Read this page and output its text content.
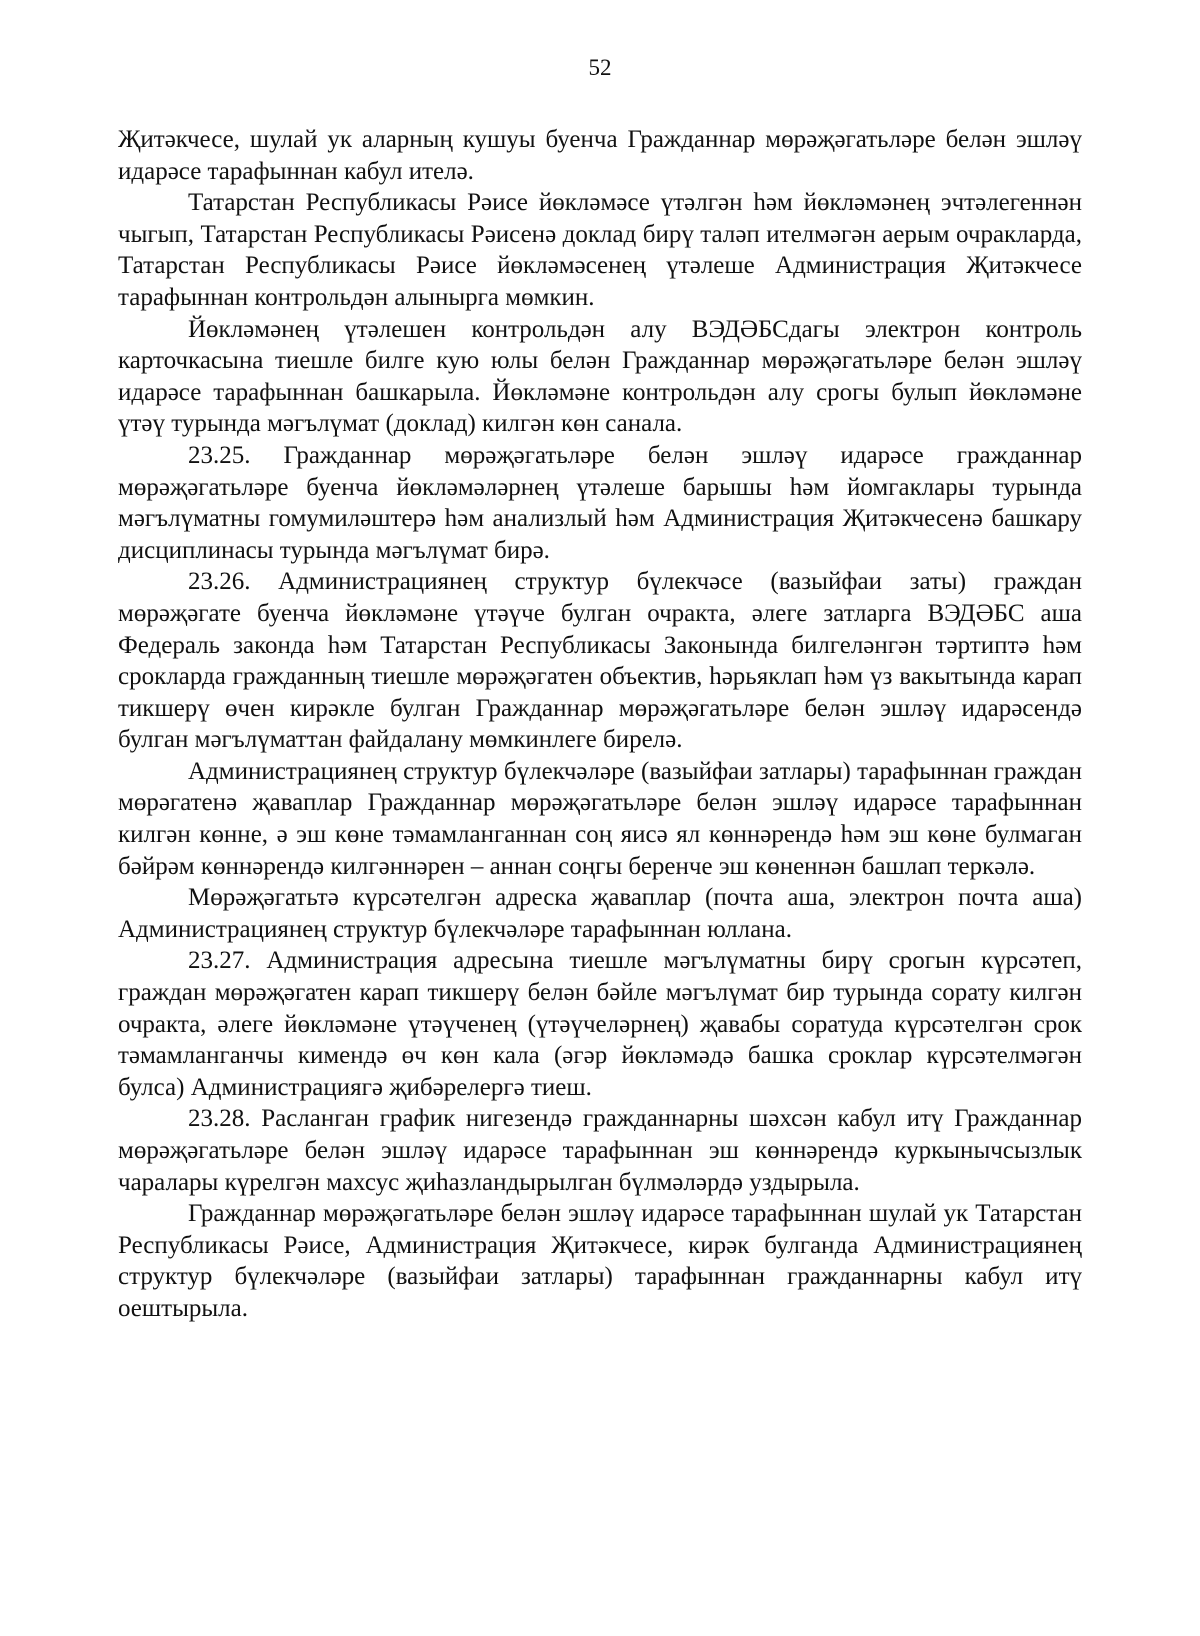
52

Җитәкчесе, шулай ук аларның кушуы буенча Гражданнар мөрәҗәгатьләре белән эшләү идарәсе тарафыннан кабул ителә.

Татарстан Республикасы Рәисе йөкләмәсе үтәлгән һәм йөкләмәнең эчтәлегеннән чыгып, Татарстан Республикасы Рәисенә доклад бирү таләп ителмәгән аерым очракларда, Татарстан Республикасы Рәисе йөкләмәсенең үтәлеше Администрация Җитәкчесе тарафыннан контрольдән алынырга мөмкин.

Йөкләмәнең үтәлешен контрольдән алу ВЭДӘБСдагы электрон контроль карточкасына тиешле билге кую юлы белән Гражданнар мөрәҗәгатьләре белән эшләү идарәсе тарафыннан башкарыла. Йөкләмәне контрольдән алу срогы булып йөкләмәне үтәү турында мәгълүмат (доклад) килгән көн санала.

23.25. Гражданнар мөрәҗәгатьләре белән эшләү идарәсе гражданнар мөрәҗәгатьләре буенча йөкләмәләрнең үтәлеше барышы һәм йомгаклары турында мәгълүматны гомумиләштерә һәм анализлый һәм Администрация Җитәкчесенә башкару дисциплинасы турында мәгълүмат бирә.

23.26. Администрациянең структур бүлекчәсе (вазыйфаи заты) граждан мөрәҗәгате буенча йөкләмәне үтәүче булган очракта, әлеге затларга ВЭДӘБС аша Федераль законда һәм Татарстан Республикасы Законында билгеләнгән тәртиптә һәм срокларда гражданның тиешле мөрәҗәгатен объектив, һәрьяклап һәм үз вакытында карап тикшерү өчен кирәкле булган Гражданнар мөрәҗәгатьләре белән эшләү идарәсендә булган мәгълүматтан файдалану мөмкинлеге бирелә.

Администрациянең структур бүлекчәләре (вазыйфаи затлары) тарафыннан граждан мөрәгатенә җаваплар Гражданнар мөрәҗәгатьләре белән эшләү идарәсе тарафыннан килгән көнне, ә эш көне тәмамланганнан соң яисә ял көннәрендә һәм эш көне булмаган бәйрәм көннәрендә килгәннәрен – аннан соңгы беренче эш көненнән башлап теркәлә.

Мөрәҗәгатьтә күрсәтелгән адреска җаваплар (почта аша, электрон почта аша) Администрациянең структур бүлекчәләре тарафыннан юллана.

23.27. Администрация адресына тиешле мәгълүматны бирү срогын күрсәтеп, граждан мөрәҗәгатен карап тикшерү белән бәйле мәгълүмат бир турында сорату килгән очракта, әлеге йөкләмәне үтәүченең (үтәүчеләрнең) җавабы соратуда күрсәтелгән срок тәмамланганчы кимендә өч көн кала (әгәр йөкләмәдә башка сроклар күрсәтелмәгән булса) Администрациягә җибәрелергә тиеш.

23.28. Расланган график нигезендә гражданнарны шәхсән кабул итү Гражданнар мөрәҗәгатьләре белән эшләү идарәсе тарафыннан эш көннәрендә куркынычсызлык чаралары күрелгән махсус җиһазландырылган бүлмәләрдә уздырыла.

Гражданнар мөрәҗәгатьләре белән эшләү идарәсе тарафыннан шулай ук Татарстан Республикасы Рәисе, Администрация Җитәкчесе, кирәк булганда Администрациянең структур бүлекчәләре (вазыйфаи затлары) тарафыннан гражданнарны кабул итү оештырыла.
